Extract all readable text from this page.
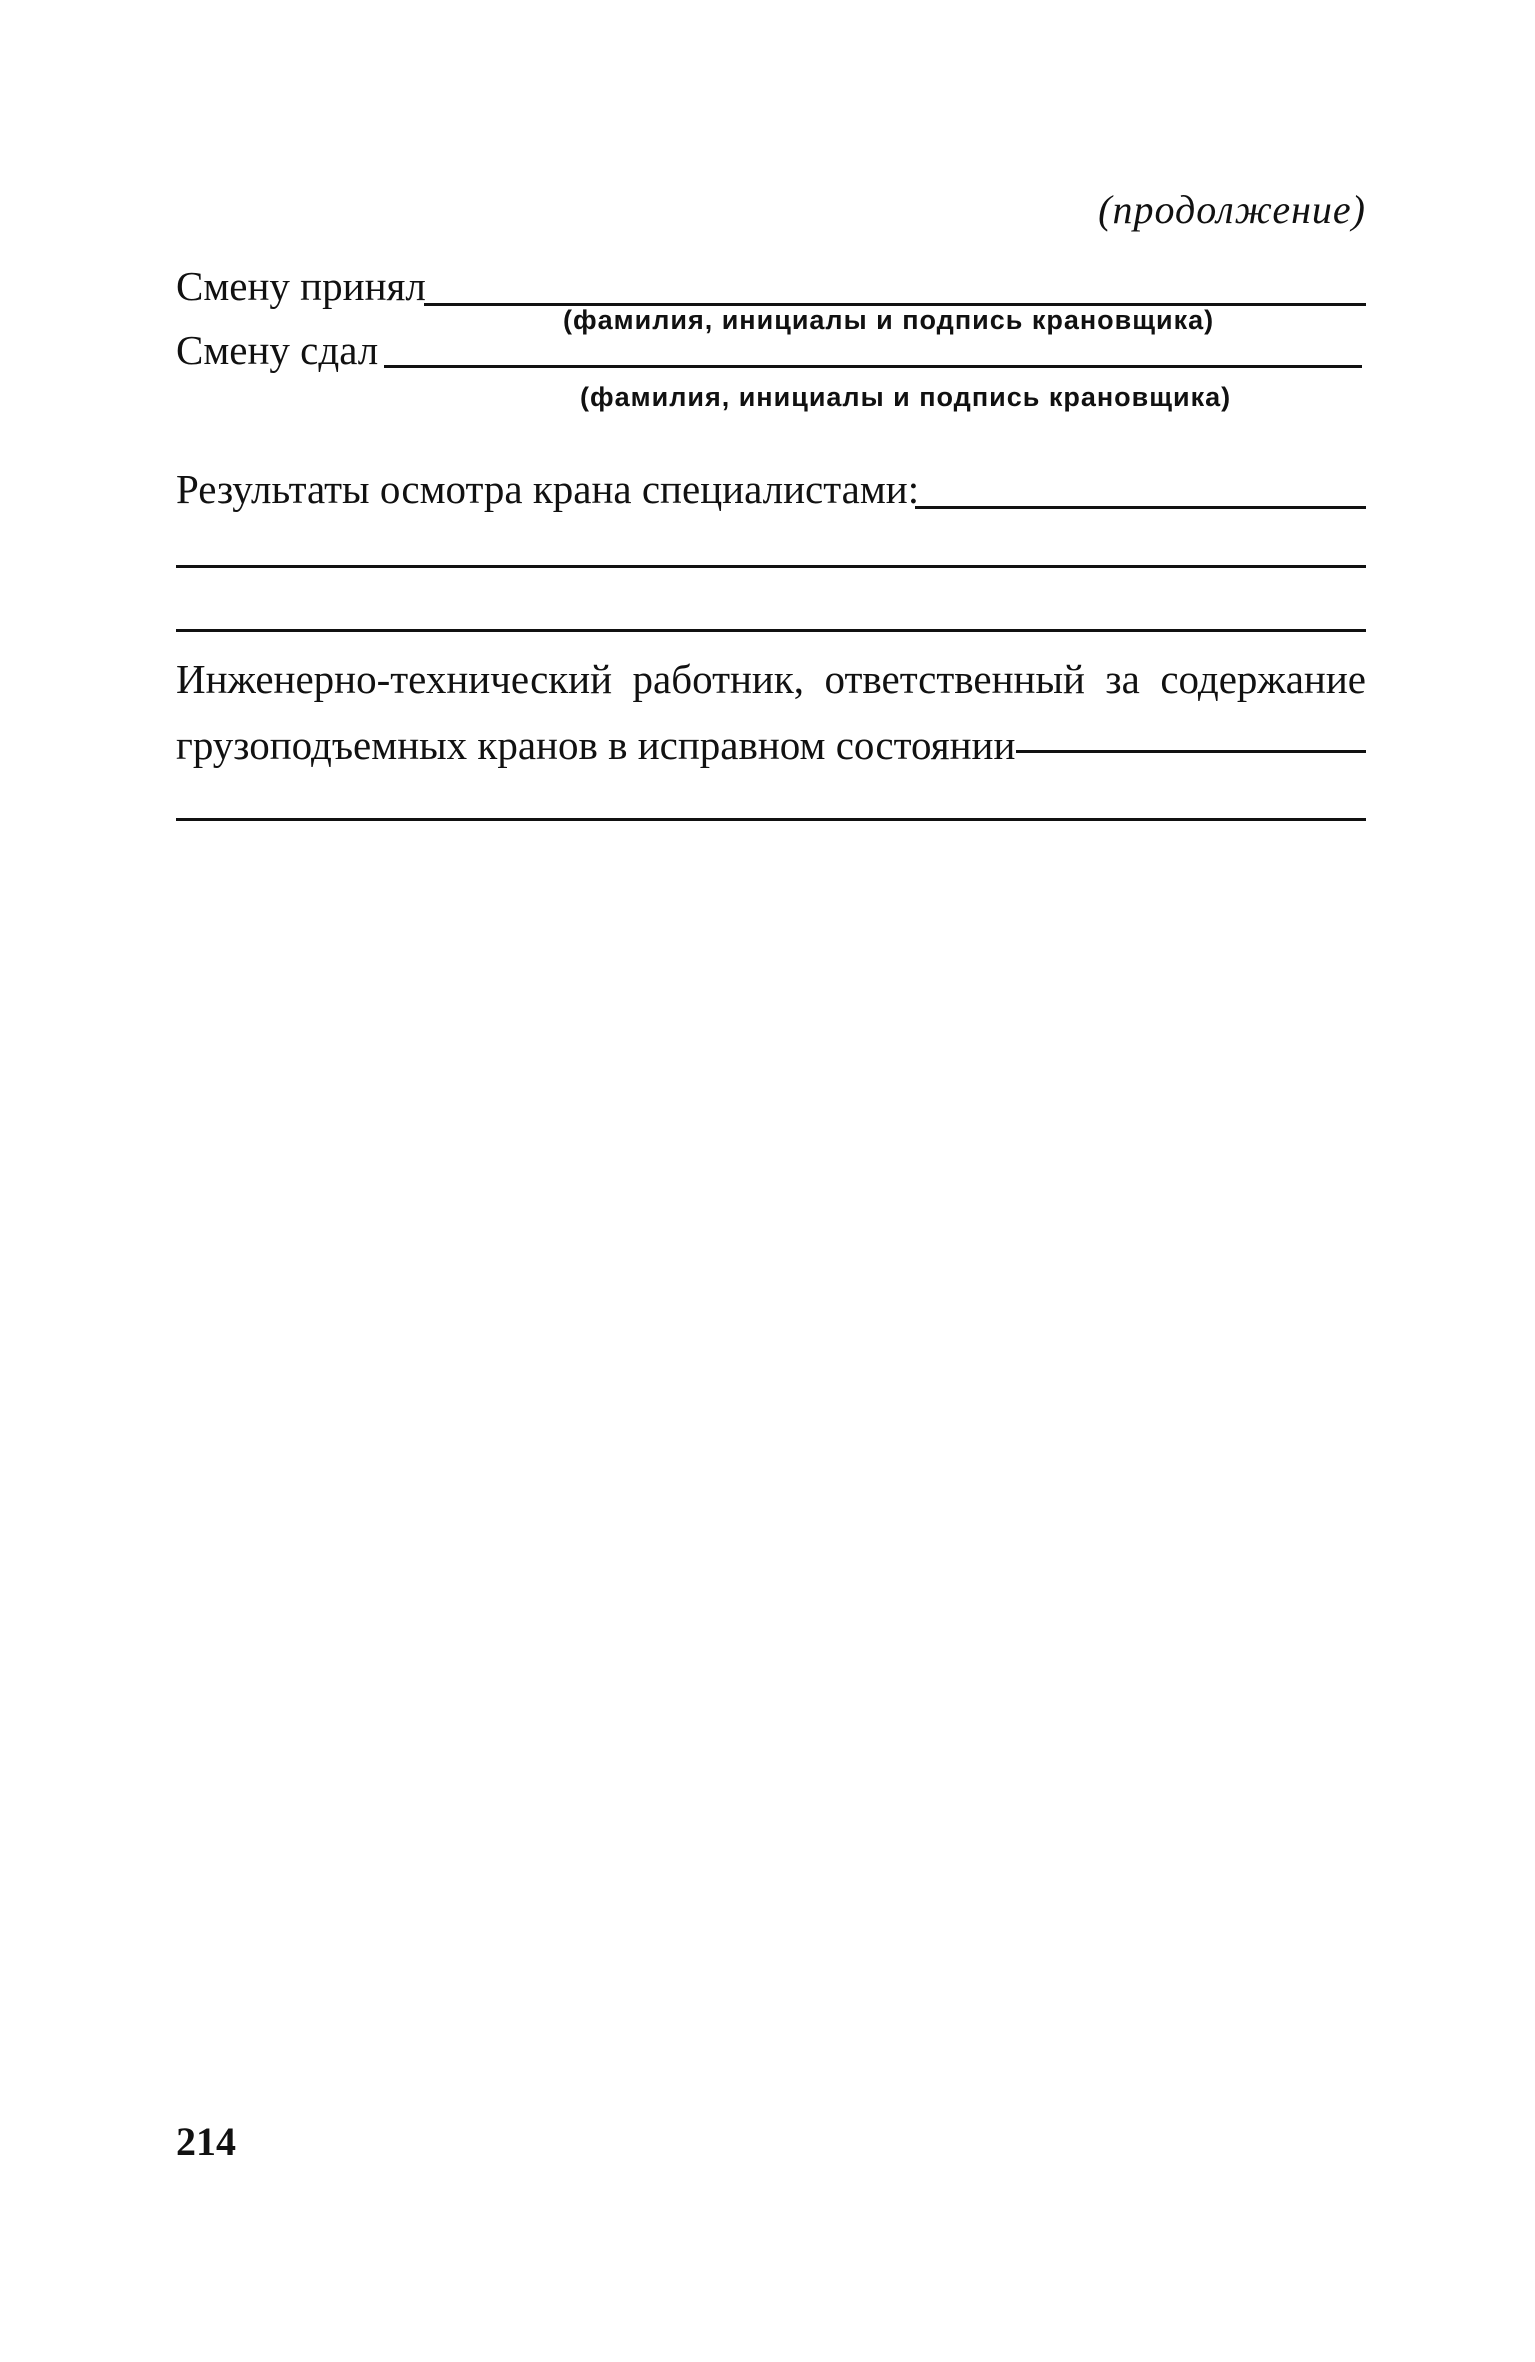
(продолжение)
Смену принял
(фамилия, инициалы и подпись крановщика)
Смену сдал
(фамилия, инициалы и подпись крановщика)
Результаты осмотра крана специалистами:
Инженерно-технический работник, ответственный за содержание грузоподъемных кранов в исправном состоянии
214
